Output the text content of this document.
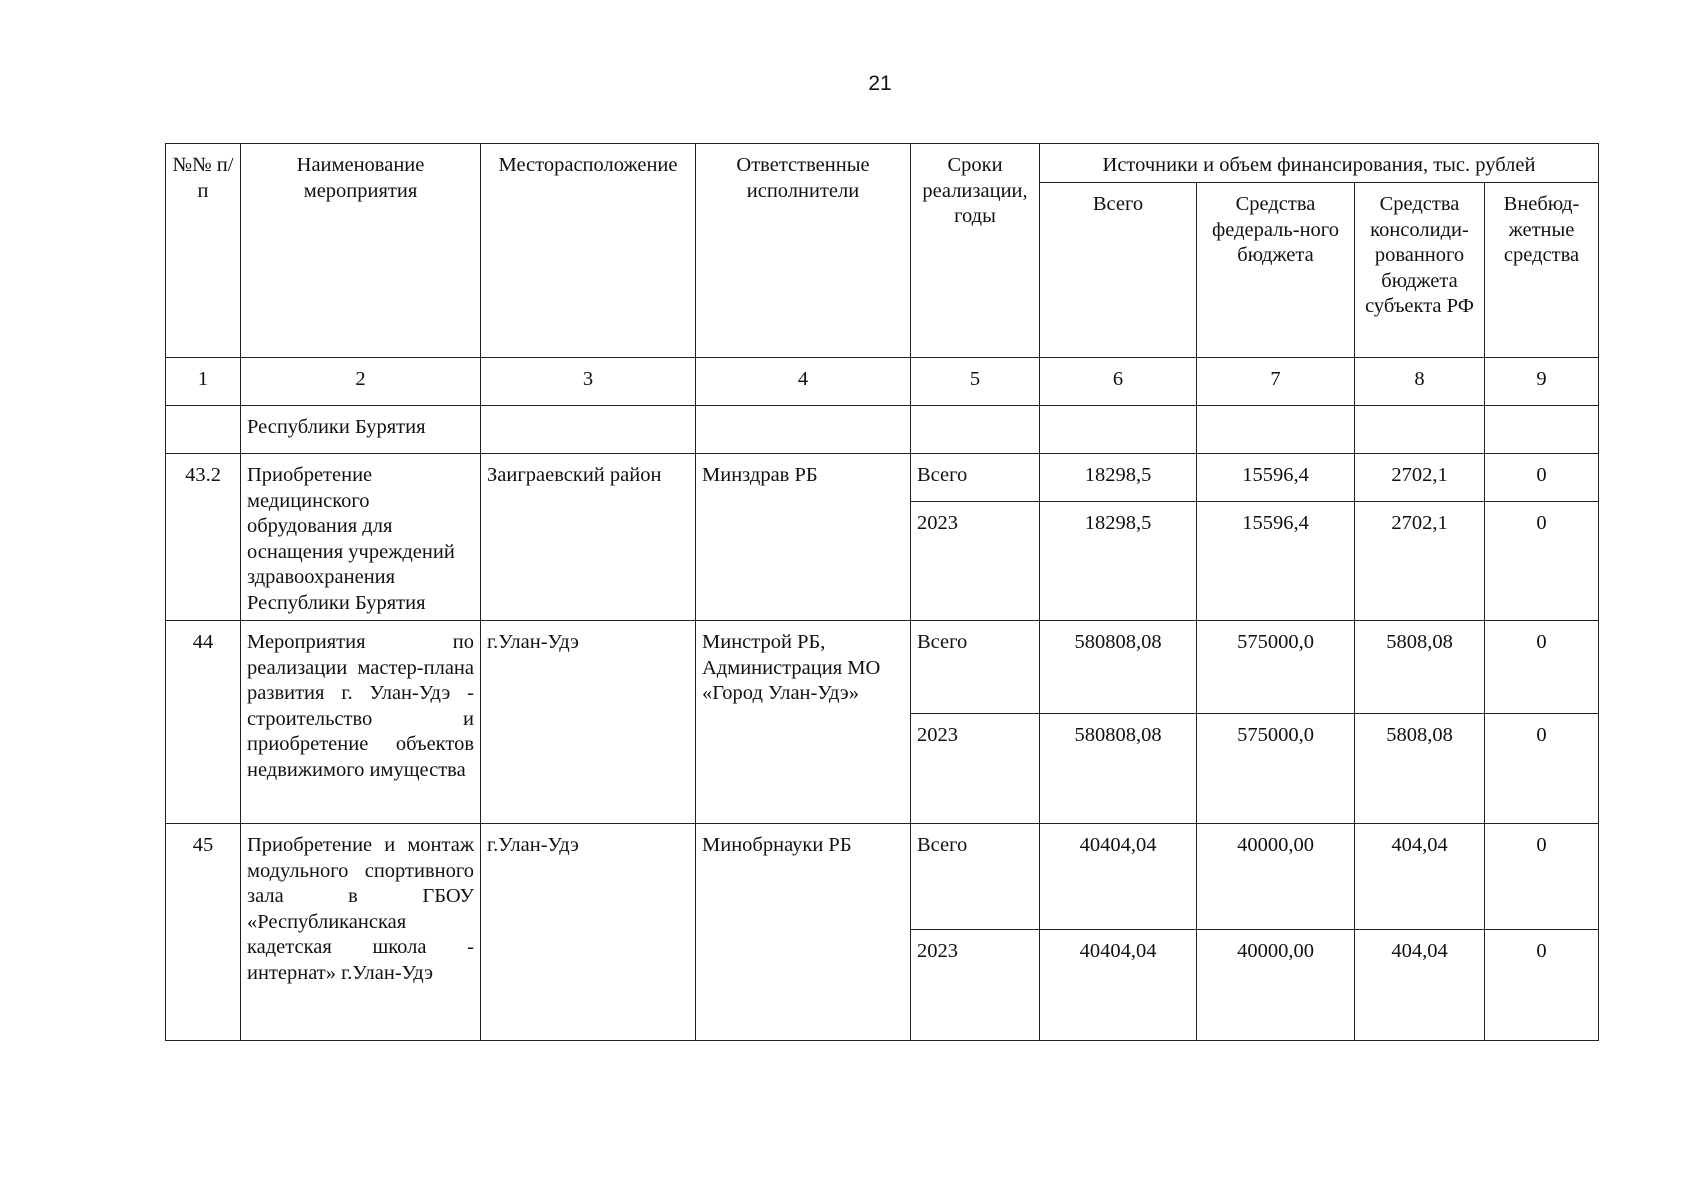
21
№№ п/п	Наименование мероприятия	Месторасположение	Ответственные исполнители	Сроки реализации, годы	Источники и объем финансирования, тыс. рублей			
					Всего	Средства федераль-ного бюджета	Средства консолиди-рованного бюджета субъекта РФ	Внебюд-жетные средства
1	2	3	4	5	6	7	8	9
	Республики Бурятия							
43.2	Приобретение медицинского обрудования для оснащения учреждений здравоохранения Республики Бурятия	Заиграевский район	Минздрав РБ	Всего	18298,5	15596,4	2702,1	0
				2023	18298,5	15596,4	2702,1	0
44	Мероприятия по реализации мастер-плана развития г. Улан-Удэ - строительство и приобретение объектов недвижимого имущества	г.Улан-Удэ	Минстрой РБ, Администрация МО «Город Улан-Удэ»	Всего	580808,08	575000,0	5808,08	0
				2023	580808,08	575000,0	5808,08	0
45	Приобретение и монтаж модульного спортивного зала в ГБОУ «Республиканская кадетская школа - интернат» г.Улан-Удэ	г.Улан-Удэ	Минобрнауки РБ	Всего	40404,04	40000,00	404,04	0
				2023	40404,04	40000,00	404,04	0
